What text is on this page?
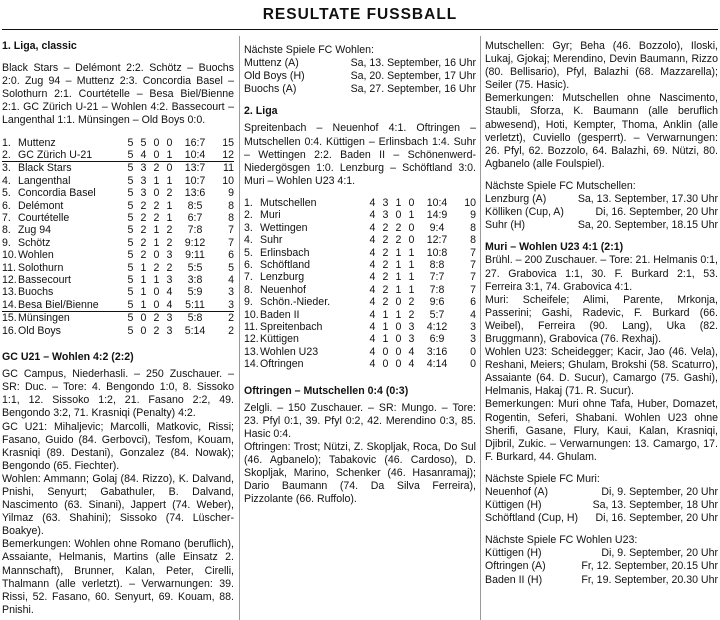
RESULTATE FUSSBALL

1. Liga, classic

Black Stars – Delémont 2:2. Schötz – Buochs 2:0. Zug 94 – Muttenz 2:3. Concordia Basel – Solothurn 2:1. Courtételle – Besa Biel/Bienne 2:1. GC Zürich U-21 – Wohlen 4:2. Bassecourt – Langenthal 1:1. Münsingen – Old Boys 0:0.

1.	Muttenz	5	5	0	0	16:7	15
2.	GC Zürich U-21	5	4	0	1	10:4	12
3.	Black Stars	5	3	2	0	13:7	11
4.	Langenthal	5	3	1	1	10:7	10
5.	Concordia Basel	5	3	0	2	13:6	9
6.	Delémont	5	2	2	1	8:5	8
7.	Courtételle	5	2	2	1	6:7	8
8.	Zug 94	5	2	1	2	7:8	7
9.	Schötz	5	2	1	2	9:12	7
10.	Wohlen	5	2	0	3	9:11	6
11.	Solothurn	5	1	2	2	5:5	5
12.	Bassecourt	5	1	1	3	3:8	4
13.	Buochs	5	1	0	4	5:9	3
14.	Besa Biel/Bienne	5	1	0	4	5:11	3
15.	Münsingen	5	0	2	3	5:8	2
16.	Old Boys	5	0	2	3	5:14	2

GC U21 – Wohlen 4:2 (2:2)

GC Campus, Niederhasli. – 250 Zuschauer. – SR: Duc. – Tore: 4. Bengondo 1:0, 8. Sissoko 1:1, 12. Sissoko 1:2, 21. Fasano 2:2, 49. Bengondo 3:2, 71. Krasniqi (Penalty) 4:2.

GC U21: Mihaljevic; Marcolli, Matkovic, Rissi; Fasano, Guido (84. Gerbovci), Tesfom, Kouam, Krasniqi (89. Destani), Gonzalez (84. Nowak); Bengondo (65. Fiechter).

Wohlen: Ammann; Golaj (84. Rizzo), K. Dalvand, Pnishi, Senyurt; Gabathuler, B. Dalvand, Nascimento (63. Sinani), Jappert (74. Weber), Yilmaz (63. Shahini); Sissoko (74. Lüscher-Boakye).

Bemerkungen: Wohlen ohne Romano (beruflich), Assaiante, Helmanis, Martins (alle Einsatz 2. Mannschaft), Brunner, Kalan, Peter, Cirelli, Thalmann (alle verletzt). – Verwarnungen: 39. Rissi, 52. Fasano, 60. Senyurt, 69. Kouam, 88. Pnishi.

Nächste Spiele FC Wohlen:

Muttenz (A)	Sa, 13. September, 16 Uhr
Old Boys (H)	Sa, 20. September, 17 Uhr
Buochs (A)	Sa, 27. September, 16 Uhr

2. Liga

Spreitenbach – Neuenhof 4:1. Oftringen – Mutschellen 0:4. Küttigen – Erlinsbach 1:4. Suhr – Wettingen 2:2. Baden II – Schönenwerd-Niedergösgen 1:0. Lenzburg – Schöftland 3:0. Muri – Wohlen U23 4:1.

1.	Mutschellen	4	3	1	0	10:4	10
2.	Muri	4	3	0	1	14:9	9
3.	Wettingen	4	2	2	0	9:4	8
4.	Suhr	4	2	2	0	12:7	8
5.	Erlinsbach	4	2	1	1	10:8	7
6.	Schöftland	4	2	1	1	8:8	7
7.	Lenzburg	4	2	1	1	7:7	7
8.	Neuenhof	4	2	1	1	7:8	7
9.	Schön.-Nieder.	4	2	0	2	9:6	6
10.	Baden II	4	1	1	2	5:7	4
11.	Spreitenbach	4	1	0	3	4:12	3
12.	Küttigen	4	1	0	3	6:9	3
13.	Wohlen U23	4	0	0	4	3:16	0
14.	Oftringen	4	0	0	4	4:14	0

Oftringen – Mutschellen 0:4 (0:3)

Zelgli. – 150 Zuschauer. – SR: Mungo. – Tore: 23. Pfyl 0:1, 39. Pfyl 0:2, 42. Merendino 0:3, 85. Hasic 0:4.

Oftringen: Trost; Nützi, Z. Skopljak, Roca, Do Sul (46. Agbanelo); Tabakovic (46. Cardoso), D. Skopljak, Marino, Schenker (46. Hasanramaj); Dario Baumann (74. Da Silva Ferreira), Pizzolante (66. Ruffolo).

Mutschellen: Gyr; Beha (46. Bozzolo), Iloski, Lukaj, Gjokaj; Merendino, Devin Baumann, Rizzo (80. Bellisario), Pfyl, Balazhi (68. Mazzarella); Seiler (75. Hasic).

Bemerkungen: Mutschellen ohne Nascimento, Staubli, Sforza, K. Baumann (alle beruflich abwesend), Hoti, Kempter, Thoma, Anklin (alle verletzt), Cuviello (gesperrt). – Verwarnungen: 26. Pfyl, 62. Bozzolo, 64. Balazhi, 69. Nützi, 80. Agbanelo (alle Foulspiel).

Nächste Spiele FC Mutschellen:

Lenzburg (A)	Sa, 13. September, 17.30 Uhr
Kölliken (Cup, A)	Di, 16. September, 20 Uhr
Suhr (H)	Sa, 20. September, 18.15 Uhr

Muri – Wohlen U23 4:1 (2:1)

Brühl. – 200 Zuschauer. – Tore: 21. Helmanis 0:1, 27. Grabovica 1:1, 30. F. Burkard 2:1, 53. Ferreira 3:1, 74. Grabovica 4:1.

Muri: Scheifele; Alimi, Parente, Mrkonja, Passerini; Gashi, Radevic, F. Burkard (66. Weibel), Ferreira (90. Lang), Uka (82. Bruggmann), Grabovica (76. Rexhaj).

Wohlen U23: Scheidegger; Kacir, Jao (46. Vela), Reshani, Meiers; Ghulam, Brokshi (58. Scaturro), Assaiante (64. D. Sucur), Camargo (75. Gashi), Helmanis, Hakaj (71. R. Sucur).

Bemerkungen: Muri ohne Tafa, Huber, Domazet, Rogentin, Seferi, Shabani. Wohlen U23 ohne Sherifi, Gasane, Flury, Kaui, Kalan, Krasniqi, Djibril, Zukic. – Verwarnungen: 13. Camargo, 17. F. Burkard, 44. Ghulam.

Nächste Spiele FC Muri:

Neuenhof (A)	Di, 9. September, 20 Uhr
Küttigen (H)	Sa, 13. September, 18 Uhr
Schöftland (Cup, H) Di, 16. September, 20 Uhr

Nächste Spiele FC Wohlen U23:

Küttigen (H)	Di, 9. September, 20 Uhr
Oftringen (A)	Fr, 12. September, 20.15 Uhr
Baden II (H)	Fr, 19. September, 20.30 Uhr
